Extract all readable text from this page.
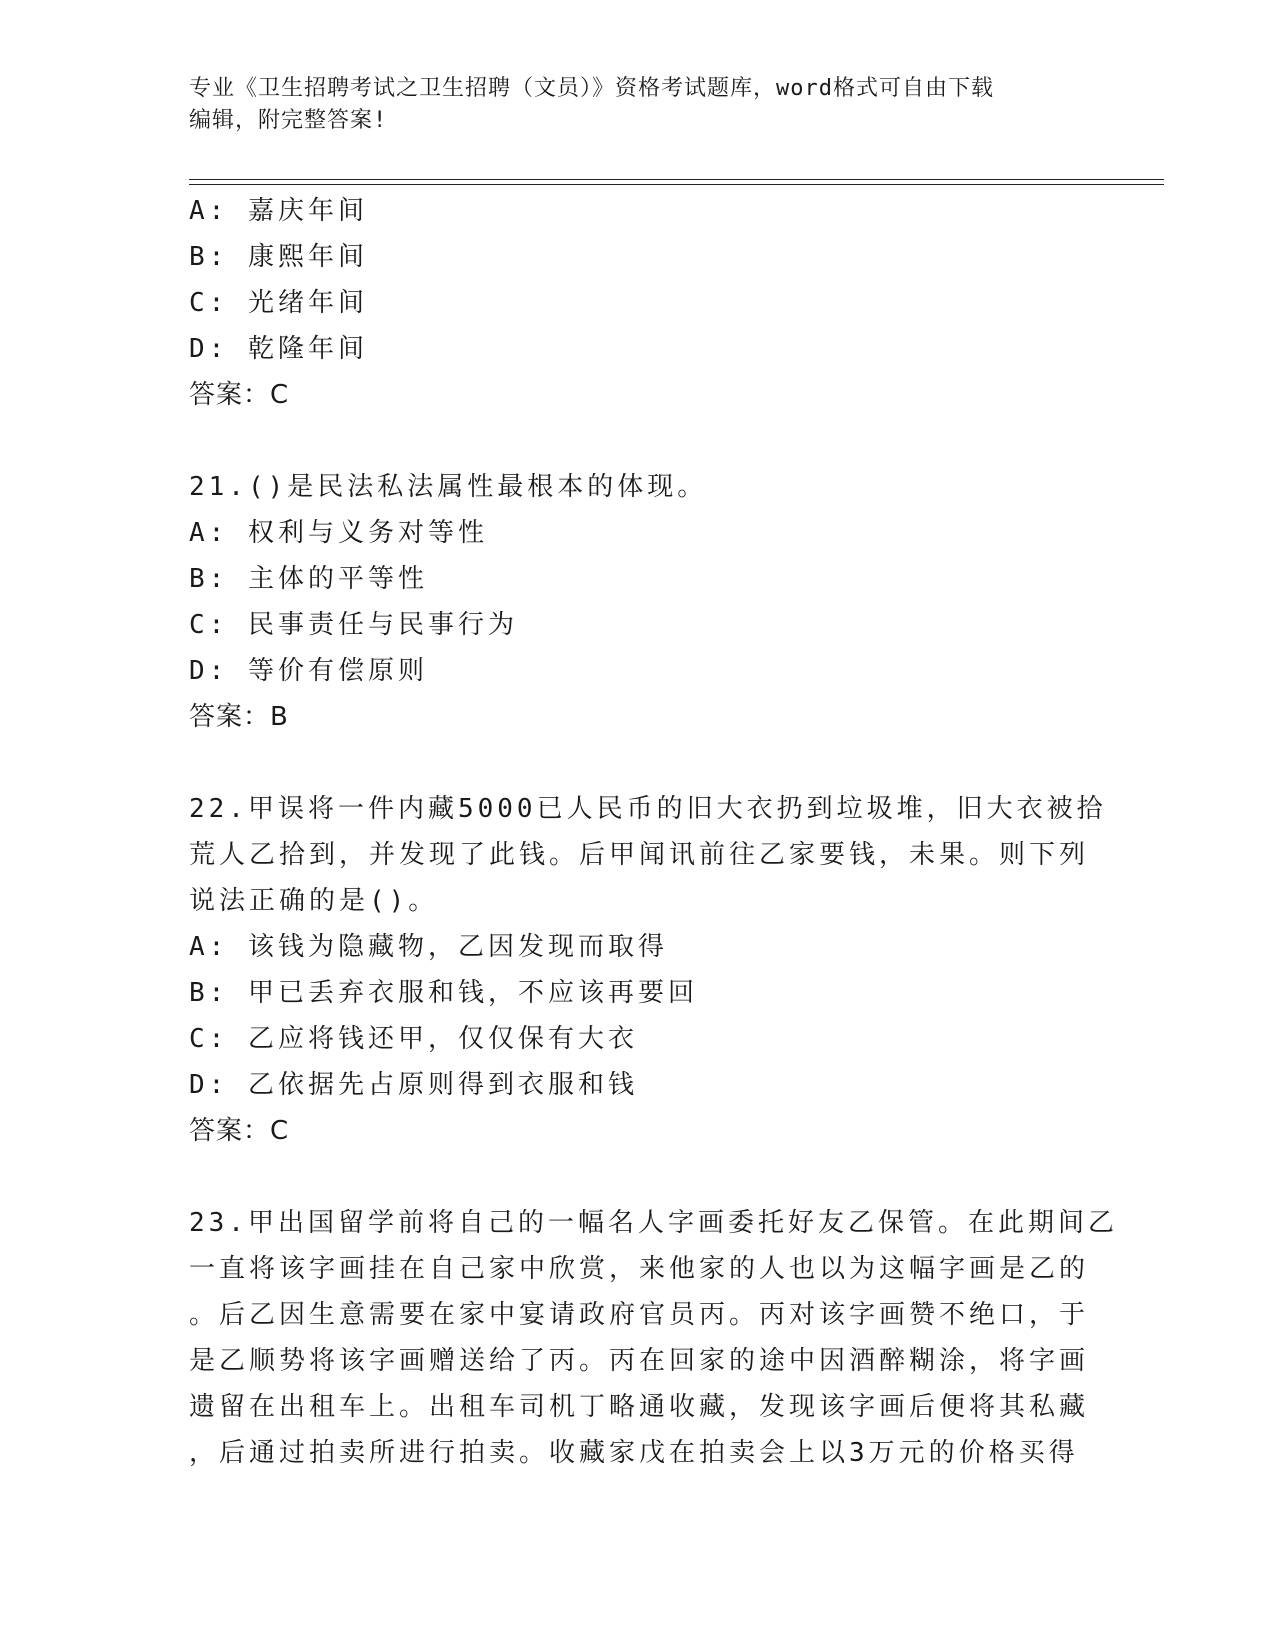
专业《卫生招聘考试之卫生招聘（文员）》资格考试题库，word格式可自由下载
编辑，附完整答案!
A: 嘉庆年间
B: 康熙年间
C: 光绪年间
D: 乾隆年间
答案：C
21.()是民法私法属性最根本的体现。
A: 权利与义务对等性
B: 主体的平等性
C: 民事责任与民事行为
D: 等价有偿原则
答案：B
22.甲误将一件内藏5000已人民币的旧大衣扔到垃圾堆，旧大衣被拾
荒人乙拾到，并发现了此钱。后甲闻讯前往乙家要钱，未果。则下列
说法正确的是()。
A: 该钱为隐藏物，乙因发现而取得
B: 甲已丢弃衣服和钱，不应该再要回
C: 乙应将钱还甲，仅仅保有大衣
D: 乙依据先占原则得到衣服和钱
答案：C
23.甲出国留学前将自己的一幅名人字画委托好友乙保管。在此期间乙
一直将该字画挂在自己家中欣赏，来他家的人也以为这幅字画是乙的
。后乙因生意需要在家中宴请政府官员丙。丙对该字画赞不绝口，于
是乙顺势将该字画赠送给了丙。丙在回家的途中因酒醉糊涂，将字画
遗留在出租车上。出租车司机丁略通收藏，发现该字画后便将其私藏
，后通过拍卖所进行拍卖。收藏家戊在拍卖会上以3万元的价格买得
